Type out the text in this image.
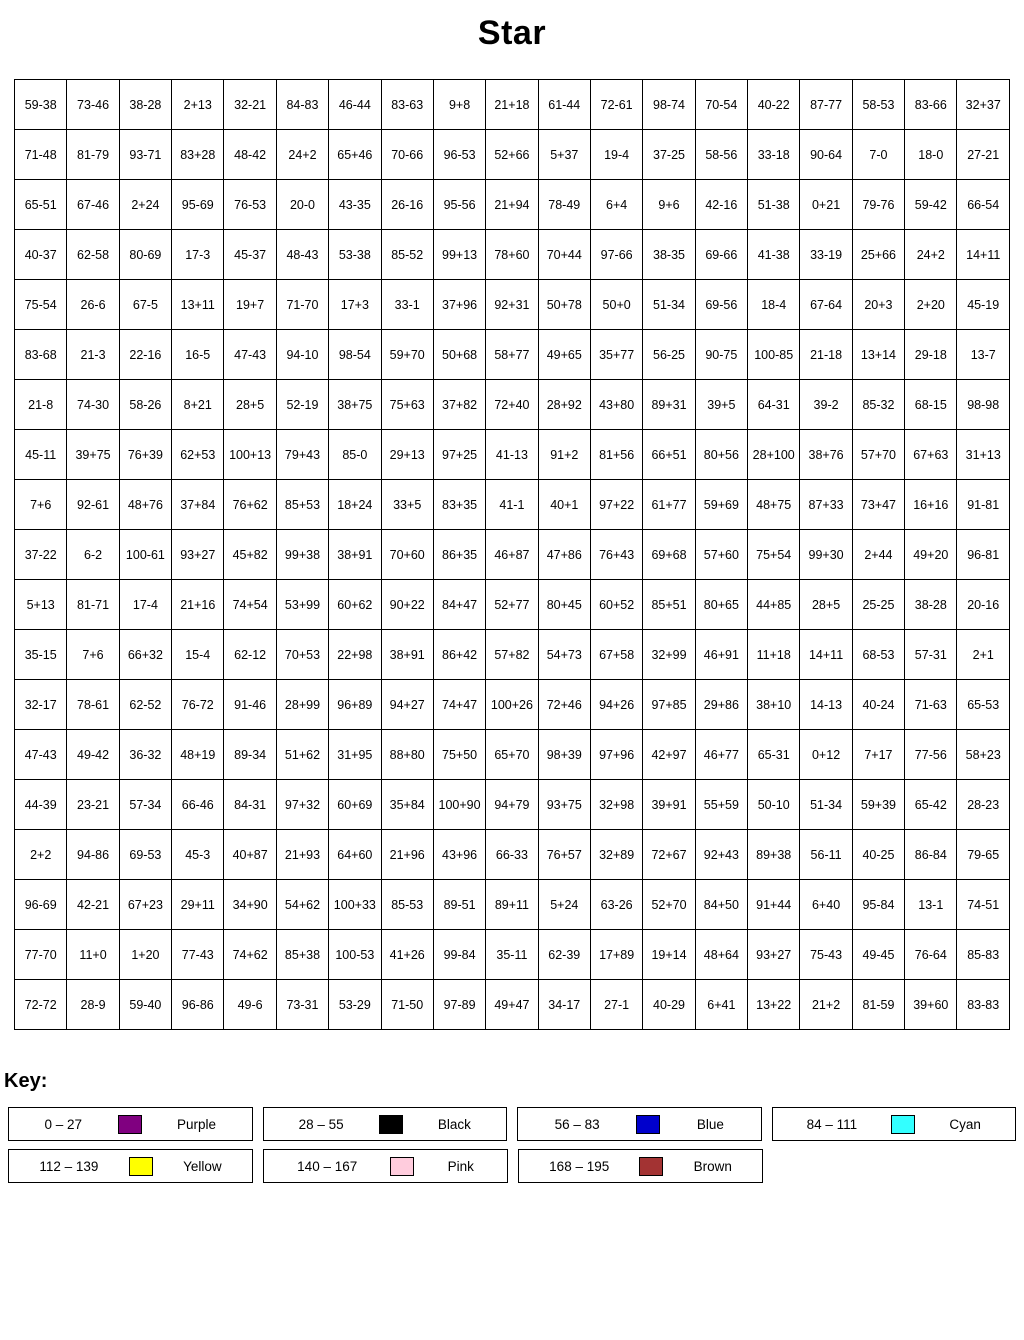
Star
59-38	73-46	38-28	2+13	32-21	84-83	46-44	83-63	9+8	21+18	61-44	72-61	98-74	70-54	40-22	87-77	58-53	83-66	32+37
71-48	81-79	93-71	83+28	48-42	24+2	65+46	70-66	96-53	52+66	5+37	19-4	37-25	58-56	33-18	90-64	7-0	18-0	27-21
65-51	67-46	2+24	95-69	76-53	20-0	43-35	26-16	95-56	21+94	78-49	6+4	9+6	42-16	51-38	0+21	79-76	59-42	66-54
40-37	62-58	80-69	17-3	45-37	48-43	53-38	85-52	99+13	78+60	70+44	97-66	38-35	69-66	41-38	33-19	25+66	24+2	14+11
75-54	26-6	67-5	13+11	19+7	71-70	17+3	33-1	37+96	92+31	50+78	50+0	51-34	69-56	18-4	67-64	20+3	2+20	45-19
83-68	21-3	22-16	16-5	47-43	94-10	98-54	59+70	50+68	58+77	49+65	35+77	56-25	90-75	100-85	21-18	13+14	29-18	13-7
21-8	74-30	58-26	8+21	28+5	52-19	38+75	75+63	37+82	72+40	28+92	43+80	89+31	39+5	64-31	39-2	85-32	68-15	98-98
45-11	39+75	76+39	62+53	100+13	79+43	85-0	29+13	97+25	41-13	91+2	81+56	66+51	80+56	28+100	38+76	57+70	67+63	31+13
7+6	92-61	48+76	37+84	76+62	85+53	18+24	33+5	83+35	41-1	40+1	97+22	61+77	59+69	48+75	87+33	73+47	16+16	91-81
37-22	6-2	100-61	93+27	45+82	99+38	38+91	70+60	86+35	46+87	47+86	76+43	69+68	57+60	75+54	99+30	2+44	49+20	96-81
5+13	81-71	17-4	21+16	74+54	53+99	60+62	90+22	84+47	52+77	80+45	60+52	85+51	80+65	44+85	28+5	25-25	38-28	20-16
35-15	7+6	66+32	15-4	62-12	70+53	22+98	38+91	86+42	57+82	54+73	67+58	32+99	46+91	11+18	14+11	68-53	57-31	2+1
32-17	78-61	62-52	76-72	91-46	28+99	96+89	94+27	74+47	100+26	72+46	94+26	97+85	29+86	38+10	14-13	40-24	71-63	65-53
47-43	49-42	36-32	48+19	89-34	51+62	31+95	88+80	75+50	65+70	98+39	97+96	42+97	46+77	65-31	0+12	7+17	77-56	58+23
44-39	23-21	57-34	66-46	84-31	97+32	60+69	35+84	100+90	94+79	93+75	32+98	39+91	55+59	50-10	51-34	59+39	65-42	28-23
2+2	94-86	69-53	45-3	40+87	21+93	64+60	21+96	43+96	66-33	76+57	32+89	72+67	92+43	89+38	56-11	40-25	86-84	79-65
96-69	42-21	67+23	29+11	34+90	54+62	100+33	85-53	89-51	89+11	5+24	63-26	52+70	84+50	91+44	6+40	95-84	13-1	74-51
77-70	11+0	1+20	77-43	74+62	85+38	100-53	41+26	99-84	35-11	62-39	17+89	19+14	48+64	93+27	75-43	49-45	76-64	85-83
72-72	28-9	59-40	96-86	49-6	73-31	53-29	71-50	97-89	49+47	34-17	27-1	40-29	6+41	13+22	21+2	81-59	39+60	83-83
Key:
0 – 27	Purple	28 – 55	Black	56 – 83	Blue	84 – 111	Cyan
112 – 139	Yellow	140 – 167	Pink	168 – 195	Brown
